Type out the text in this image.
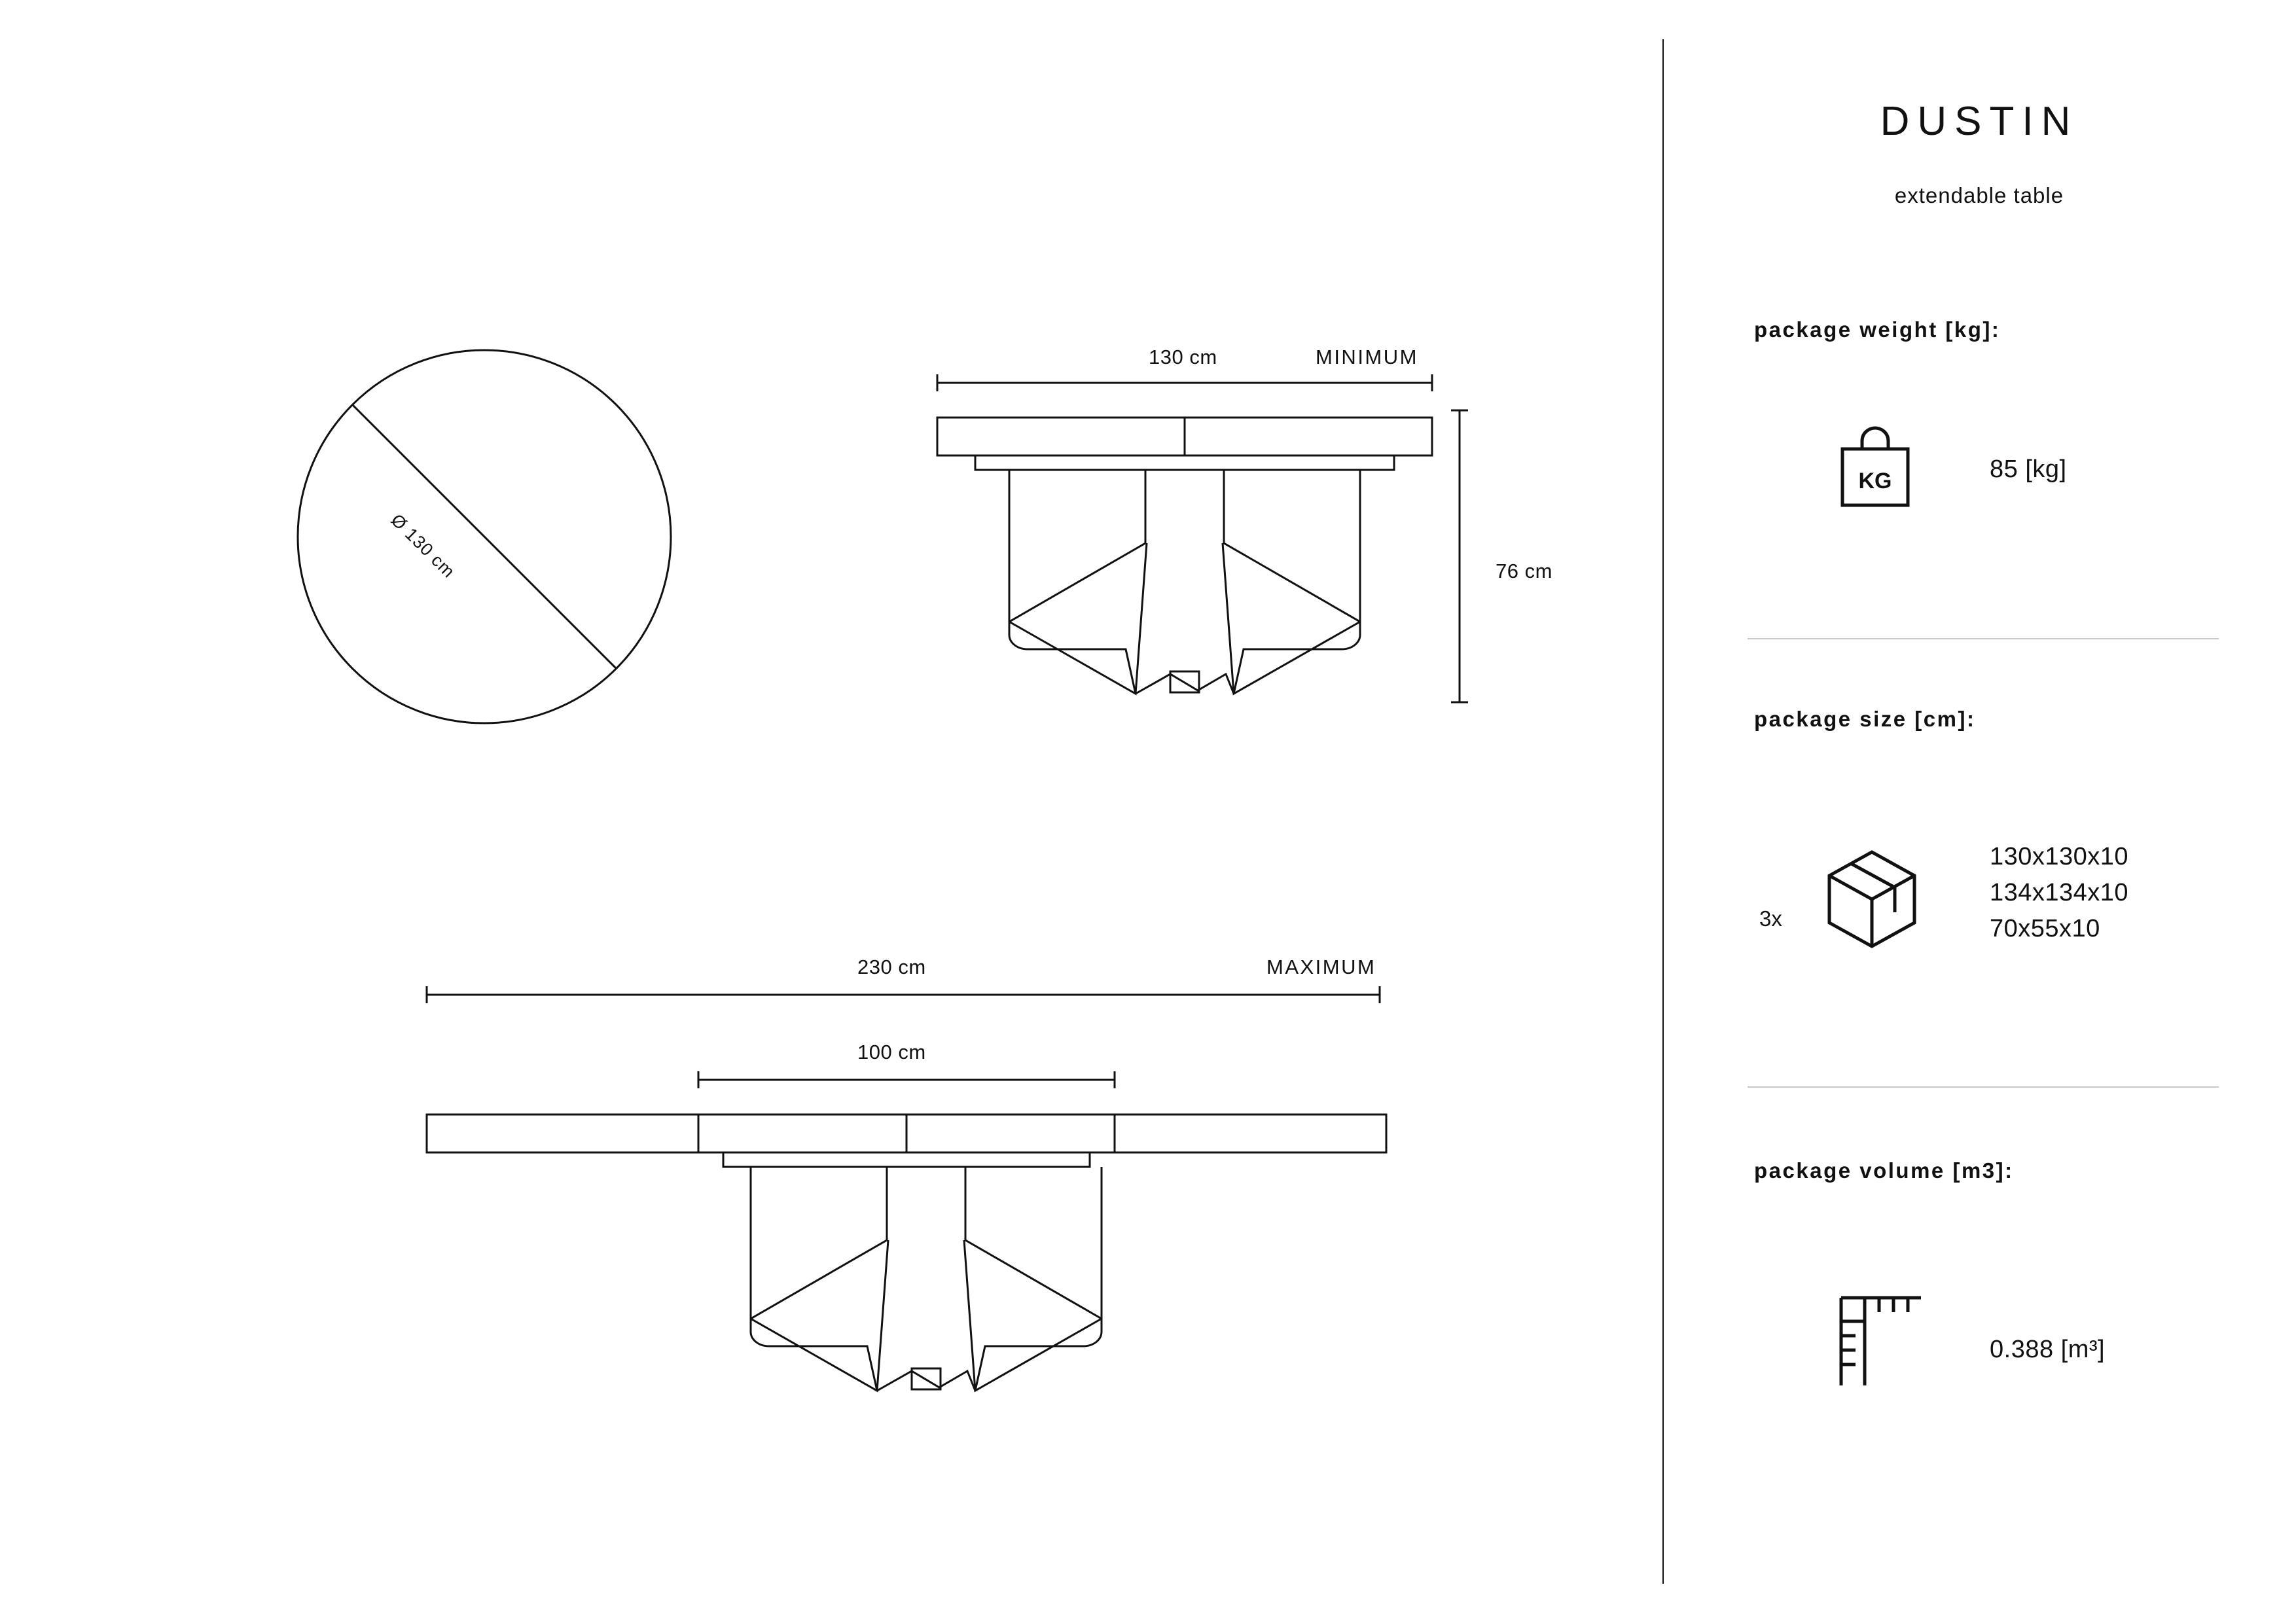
Ø 130 cm
130 cm	MINIMUM
76 cm
230 cm	MAXIMUM
100 cm
DUSTIN
extendable table
package weight [kg]:
KG	85 [kg]
package size [cm]:
3x
130x130x10
134x134x10
70x55x10
package volume [m3]:
0.388 [m³]
